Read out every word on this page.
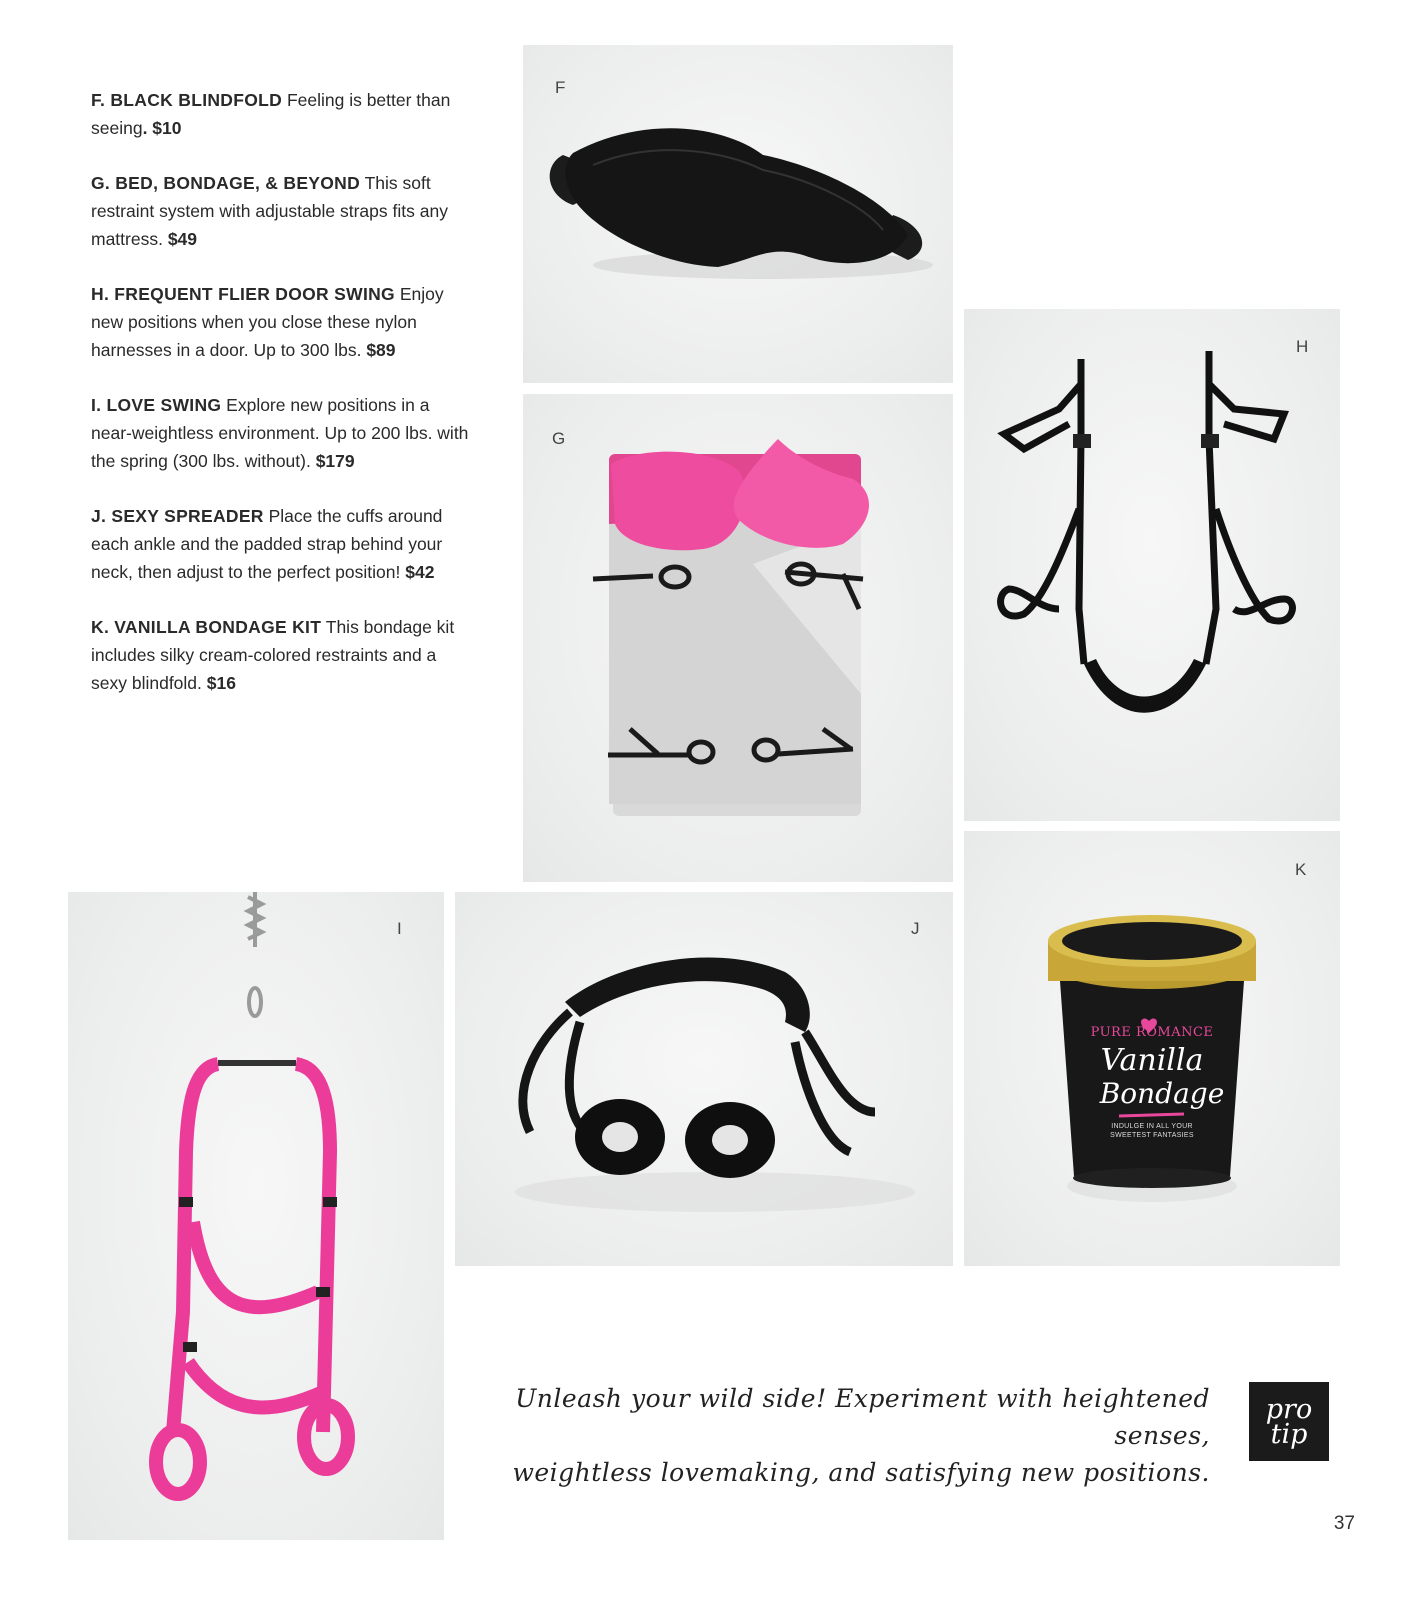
F. BLACK BLINDFOLD Feeling is better than seeing. $10
G. BED, BONDAGE, & BEYOND This soft restraint system with adjustable straps fits any mattress. $49
H. FREQUENT FLIER DOOR SWING Enjoy new positions when you close these nylon harnesses in a door. Up to 300 lbs. $89
I. LOVE SWING Explore new positions in a near-weightless environment. Up to 200 lbs. with the spring (300 lbs. without). $179
J. SEXY SPREADER Place the cuffs around each ankle and the padded strap behind your neck, then adjust to the perfect position! $42
K. VANILLA BONDAGE KIT This bondage kit includes silky cream-colored restraints and a sexy blindfold. $16
F
G
H
I	J
K
PURE ROMANCE
Vanilla
Bondage
INDULGE IN ALL YOUR
SWEETEST FANTASIES
Unleash your wild side! Experiment with heightened senses,
weightless lovemaking, and satisfying new positions.
pro
tip
37
